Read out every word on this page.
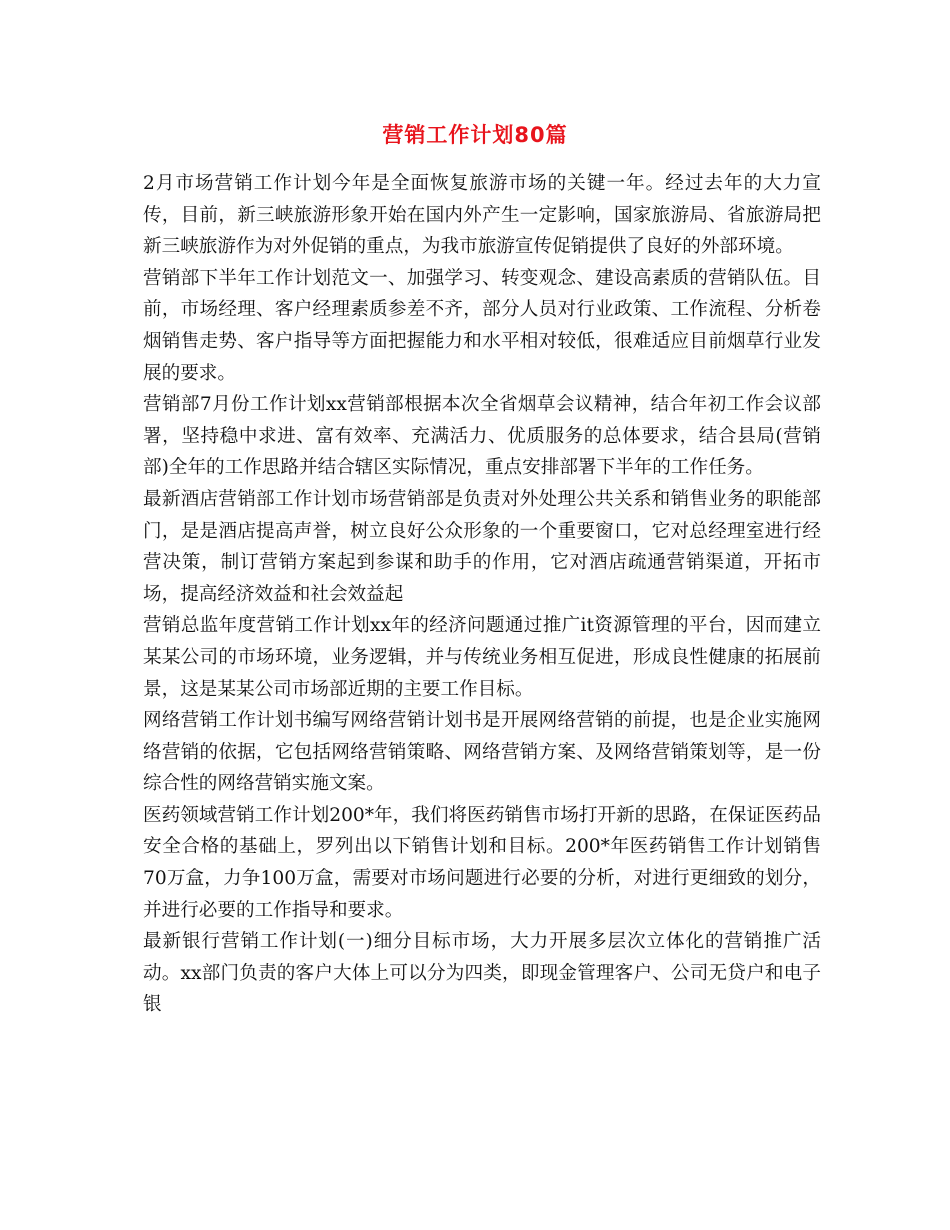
营销工作计划80篇

2月市场营销工作计划今年是全面恢复旅游市场的关键一年。经过去年的大力宣传，目前，新三峡旅游形象开始在国内外产生一定影响，国家旅游局、省旅游局把新三峡旅游作为对外促销的重点，为我市旅游宣传促销提供了良好的外部环境。

营销部下半年工作计划范文一、加强学习、转变观念、建设高素质的营销队伍。目前，市场经理、客户经理素质参差不齐，部分人员对行业政策、工作流程、分析卷烟销售走势、客户指导等方面把握能力和水平相对较低，很难适应目前烟草行业发展的要求。

营销部7月份工作计划xx营销部根据本次全省烟草会议精神，结合年初工作会议部署，坚持稳中求进、富有效率、充满活力、优质服务的总体要求，结合县局(营销部)全年的工作思路并结合辖区实际情况，重点安排部署下半年的工作任务。

最新酒店营销部工作计划市场营销部是负责对外处理公共关系和销售业务的职能部门，是是酒店提高声誉，树立良好公众形象的一个重要窗口，它对总经理室进行经营决策，制订营销方案起到参谋和助手的作用，它对酒店疏通营销渠道，开拓市场，提高经济效益和社会效益起

营销总监年度营销工作计划xx年的经济问题通过推广it资源管理的平台，因而建立某某公司的市场环境，业务逻辑，并与传统业务相互促进，形成良性健康的拓展前景，这是某某公司市场部近期的主要工作目标。

网络营销工作计划书编写网络营销计划书是开展网络营销的前提，也是企业实施网络营销的依据，它包括网络营销策略、网络营销方案、及网络营销策划等，是一份综合性的网络营销实施文案。

医药领域营销工作计划200*年，我们将医药销售市场打开新的思路，在保证医药品安全合格的基础上，罗列出以下销售计划和目标。200*年医药销售工作计划销售70万盒，力争100万盒，需要对市场问题进行必要的分析，对进行更细致的划分，并进行必要的工作指导和要求。

最新银行营销工作计划(一)细分目标市场，大力开展多层次立体化的营销推广活动。xx部门负责的客户大体上可以分为四类，即现金管理客户、公司无贷户和电子银
